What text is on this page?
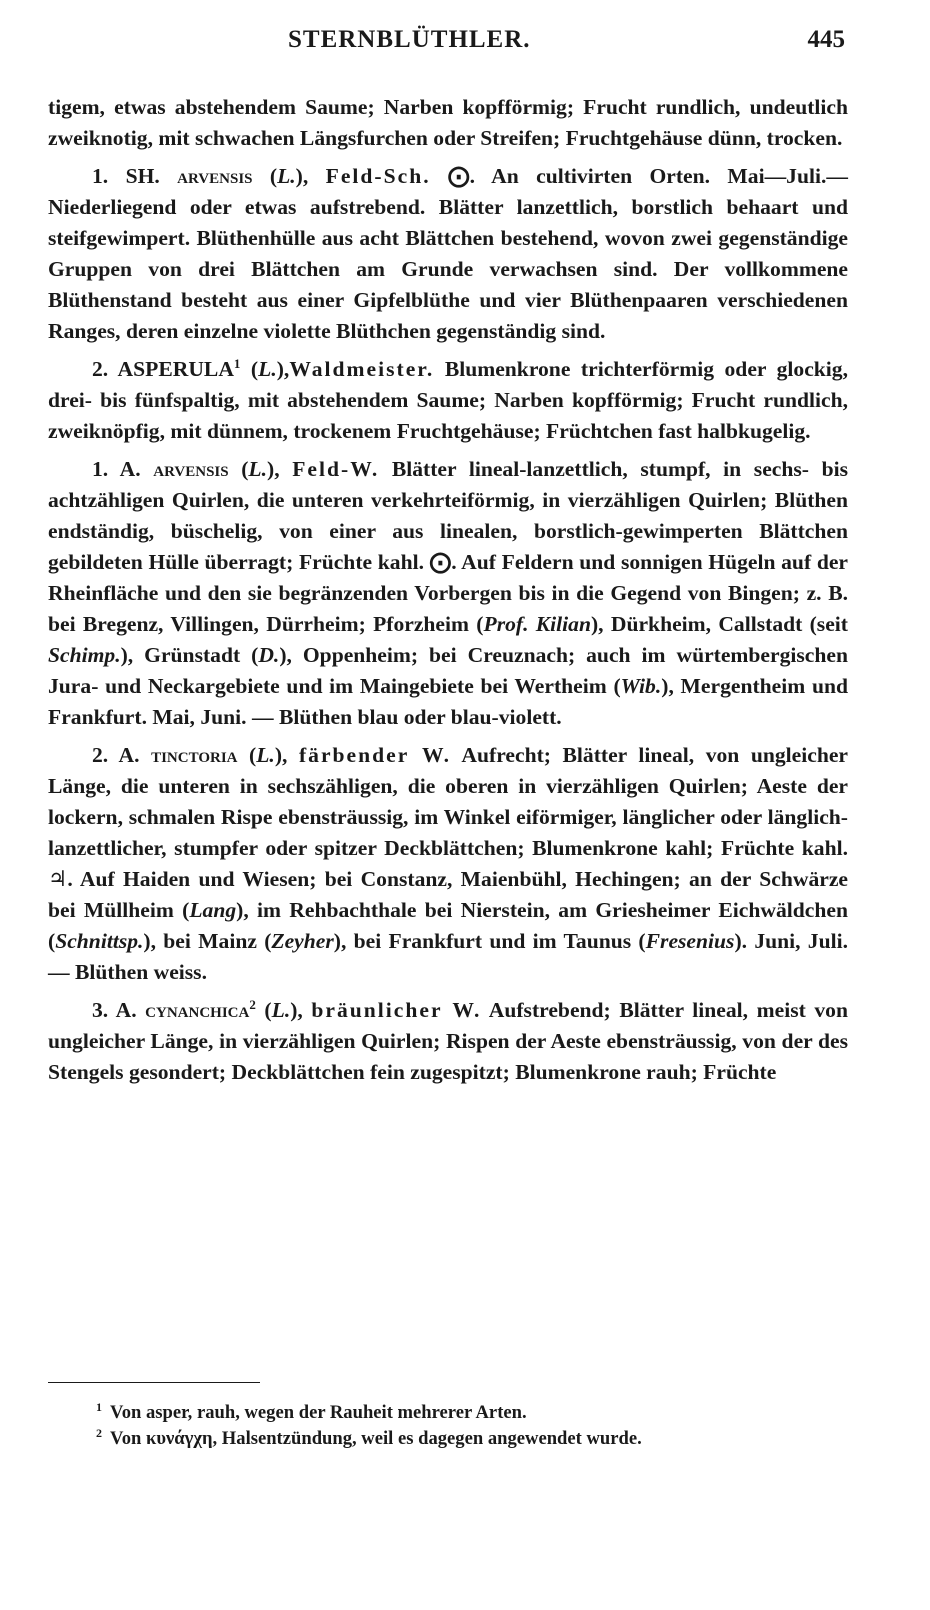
STERNBLÜTHLER.	445

tigem, etwas abstehendem Saume; Narben kopfförmig; Frucht rundlich, undeutlich zweiknotig, mit schwachen Längsfurchen oder Streifen; Fruchtgehäuse dünn, trocken.

1. SH. arvensis (L.), Feld-Sch. ⨀. An cultivirten Orten. Mai—Juli.— Niederliegend oder etwas aufstrebend. Blätter lanzettlich, borstlich behaart und steifgewimpert. Blüthenhülle aus acht Blättchen bestehend, wovon zwei gegenständige Gruppen von drei Blättchen am Grunde verwachsen sind. Der vollkommene Blüthenstand besteht aus einer Gipfelblüthe und vier Blüthenpaaren verschiedenen Ranges, deren einzelne violette Blüthchen gegenständig sind.

2. ASPERULA$^1$ (L.),Waldmeister. Blumenkrone trichterförmig oder glockig, drei- bis fünfspaltig, mit abstehendem Saume; Narben kopfförmig; Frucht rundlich, zweiknöpfig, mit dünnem, trockenem Fruchtgehäuse; Früchtchen fast halbkugelig.

1. A. arvensis (L.), Feld-W. Blätter lineal-lanzettlich, stumpf, in sechs- bis achtzähligen Quirlen, die unteren verkehrteiförmig, in vierzähligen Quirlen; Blüthen endständig, büschelig, von einer aus linealen, borstlich-gewimperten Blättchen gebildeten Hülle überragt; Früchte kahl. ⨀. Auf Feldern und sonnigen Hügeln auf der Rheinfläche und den sie begränzenden Vorbergen bis in die Gegend von Bingen; z. B. bei Bregenz, Villingen, Dürrheim; Pforzheim (Prof. Kilian), Dürkheim, Callstadt (seit Schimp.), Grünstadt (D.), Oppenheim; bei Creuznach; auch im würtembergischen Jura- und Neckargebiete und im Maingebiete bei Wertheim (Wib.), Mergentheim und Frankfurt. Mai, Juni. — Blüthen blau oder blau-violett.

2. A. tinctoria (L.), färbender W. Aufrecht; Blätter lineal, von ungleicher Länge, die unteren in sechszähligen, die oberen in vierzähligen Quirlen; Aeste der lockern, schmalen Rispe ebensträussig, im Winkel eiförmiger, länglicher oder länglich-lanzettlicher, stumpfer oder spitzer Deckblättchen; Blumenkrone kahl; Früchte kahl. ♃. Auf Haiden und Wiesen; bei Constanz, Maienbühl, Hechingen; an der Schwärze bei Müllheim (Lang), im Rehbachthale bei Nierstein, am Griesheimer Eichwäldchen (Schnittsp.), bei Mainz (Zeyher), bei Frankfurt und im Taunus (Fresenius). Juni, Juli. — Blüthen weiss.

3. A. cynanchica$^2$ (L.), bräunlicher W. Aufstrebend; Blätter lineal, meist von ungleicher Länge, in vierzähligen Quirlen; Rispen der Aeste ebensträussig, von der des Stengels gesondert; Deckblättchen fein zugespitzt; Blumenkrone rauh; Früchte

$^1$ Von asper, rauh, wegen der Rauheit mehrerer Arten.
$^2$ Von κυνάγχη, Halsentzündung, weil es dagegen angewendet wurde.
